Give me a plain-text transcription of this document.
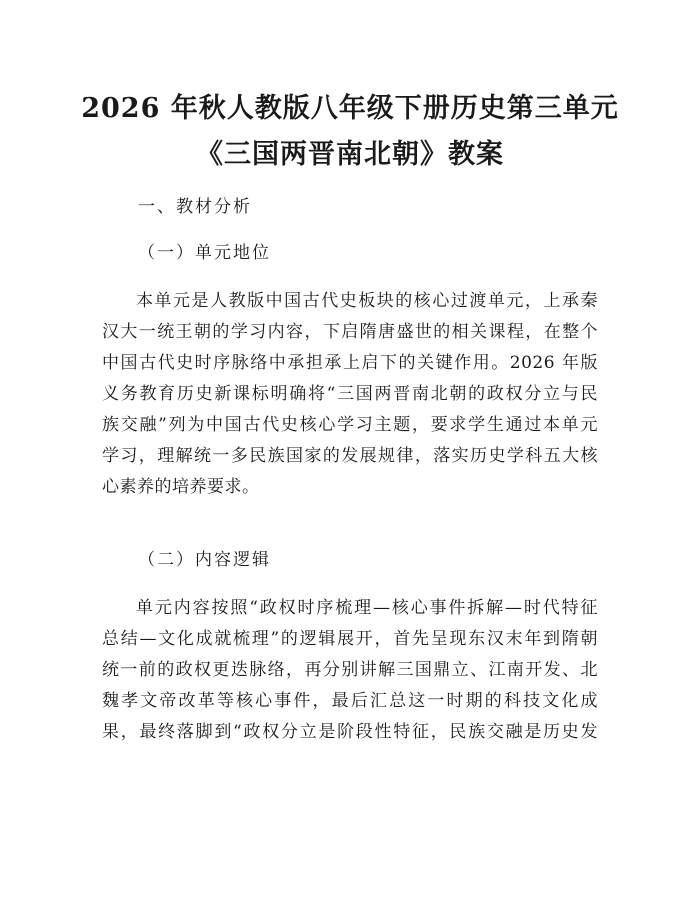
2026 年秋人教版八年级下册历史第三单元
《三国两晋南北朝》教案

一、教材分析

（一）单元地位

本单元是人教版中国古代史板块的核心过渡单元，上承秦
汉大一统王朝的学习内容，下启隋唐盛世的相关课程，在整个
中国古代史时序脉络中承担承上启下的关键作用。2026 年版
义务教育历史新课标明确将“三国两晋南北朝的政权分立与民
族交融”列为中国古代史核心学习主题，要求学生通过本单元
学习，理解统一多民族国家的发展规律，落实历史学科五大核
心素养的培养要求。

（二）内容逻辑

单元内容按照“政权时序梳理—核心事件拆解—时代特征
总结—文化成就梳理”的逻辑展开，首先呈现东汉末年到隋朝
统一前的政权更迭脉络，再分别讲解三国鼎立、江南开发、北
魏孝文帝改革等核心事件，最后汇总这一时期的科技文化成
果，最终落脚到“政权分立是阶段性特征，民族交融是历史发
